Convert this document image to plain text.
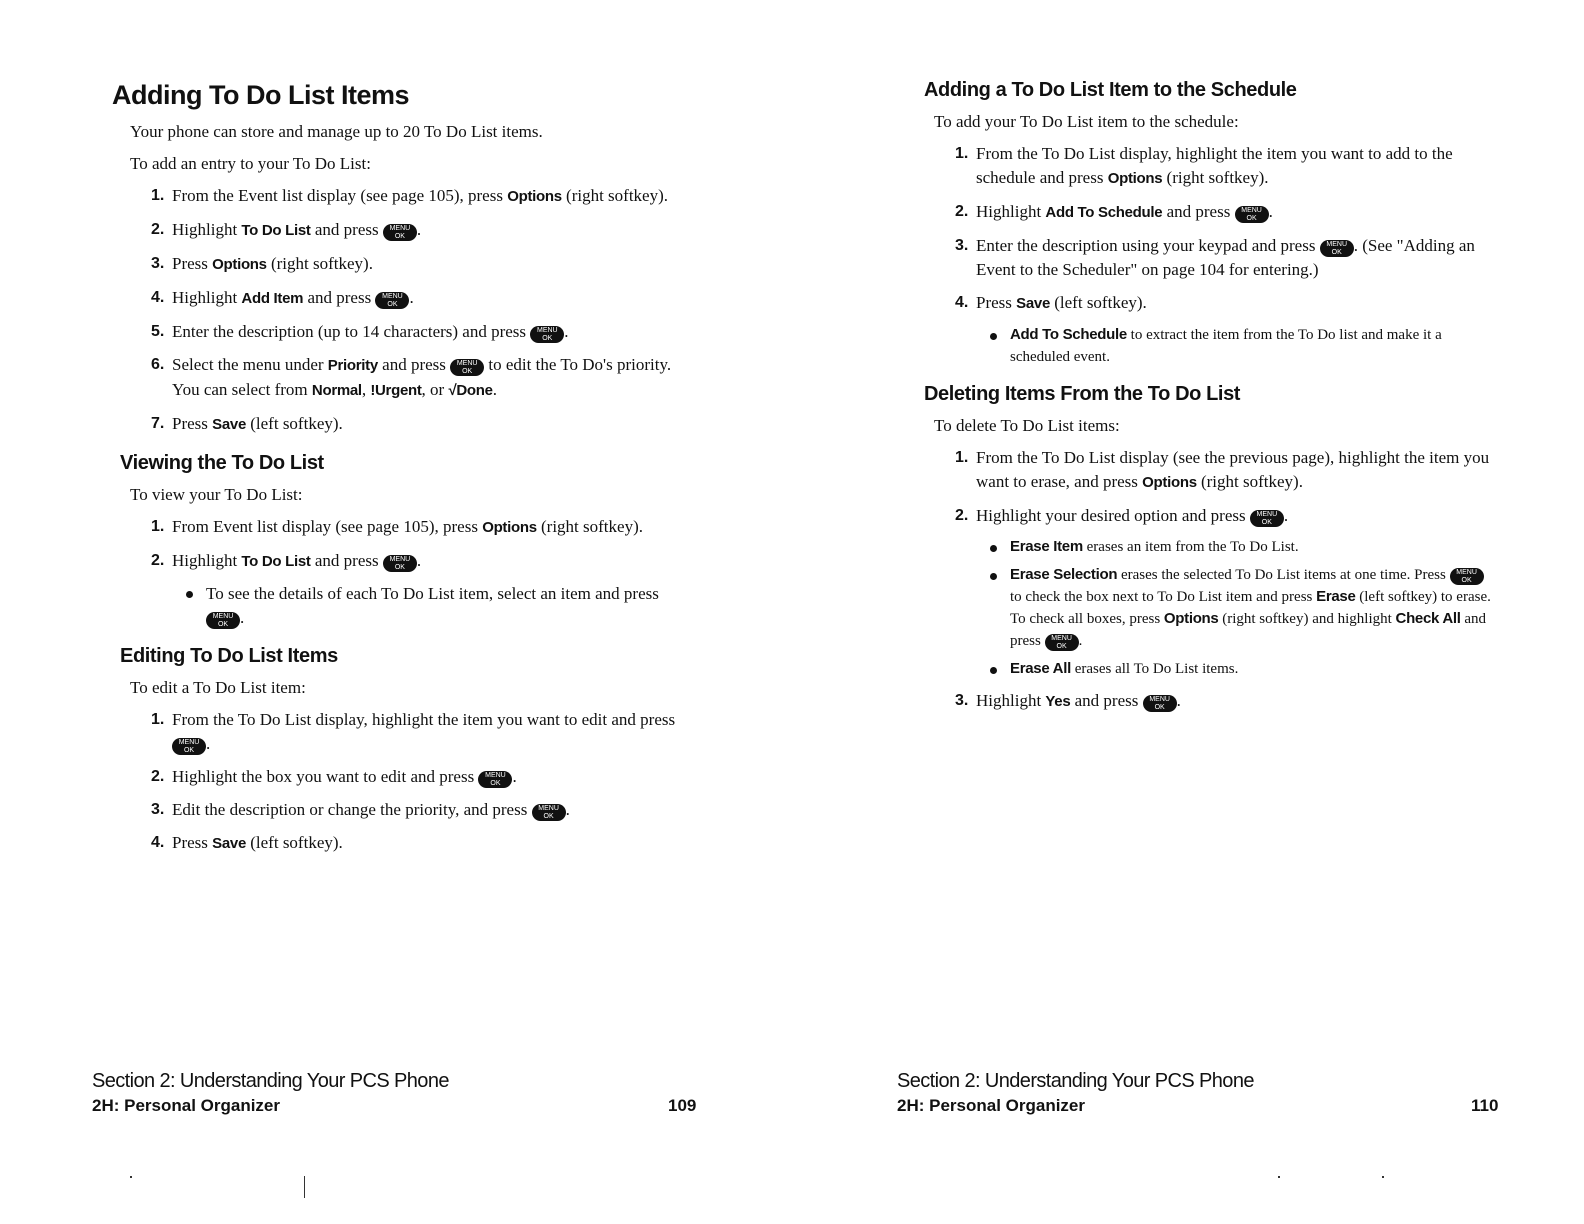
Adding To Do List Items

Your phone can store and manage up to 20 To Do List items.

To add an entry to your To Do List:

1. From the Event list display (see page 105), press Options (right softkey).
2. Highlight To Do List and press MENU
OK .
3. Press Options (right softkey).
4. Highlight Add Item and press MENU
OK .
5. Enter the description (up to 14 characters) and press MENU
OK .
6. Select the menu under Priority and press MENU
OK to edit the To Do's priority. You can select from Normal, !Urgent, or √Done.
7. Press Save (left softkey).
Viewing the To Do List

To view your To Do List:

1. From Event list display (see page 105), press Options (right softkey).
2. Highlight To Do List and press MENU
OK .
To see the details of each To Do List item, select an item and press MENU
OK .
Editing To Do List Items

To edit a To Do List item:

1. From the To Do List display, highlight the item you want to edit and press MENU
OK .
2. Highlight the box you want to edit and press MENU
OK .
3. Edit the description or change the priority, and press MENU
OK .
4. Press Save (left softkey).
Section 2: Understanding Your PCS Phone
2H: Personal Organizer	109
Adding a To Do List Item to the Schedule

To add your To Do List item to the schedule:

1. From the To Do List display, highlight the item you want to add to the schedule and press Options (right softkey).
2. Highlight Add To Schedule and press MENU
OK .
3. Enter the description using your keypad and press MENU
OK . (See "Adding an Event to the Scheduler" on page 104 for entering.)
4. Press Save (left softkey).
Add To Schedule to extract the item from the To Do list and make it a scheduled event.
Deleting Items From the To Do List

To delete To Do List items:

1. From the To Do List display (see the previous page), highlight the item you want to erase, and press Options (right softkey).
2. Highlight your desired option and press MENU
OK .
Erase Item erases an item from the To Do List.
Erase Selection erases the selected To Do List items at one time. Press MENU
OK to check the box next to To Do List item and press Erase (left softkey) to erase. To check all boxes, press Options (right softkey) and highlight Check All and press MENU
OK .
Erase All erases all To Do List items.
3. Highlight Yes and press MENU
OK .
Section 2: Understanding Your PCS Phone
2H: Personal Organizer	110
